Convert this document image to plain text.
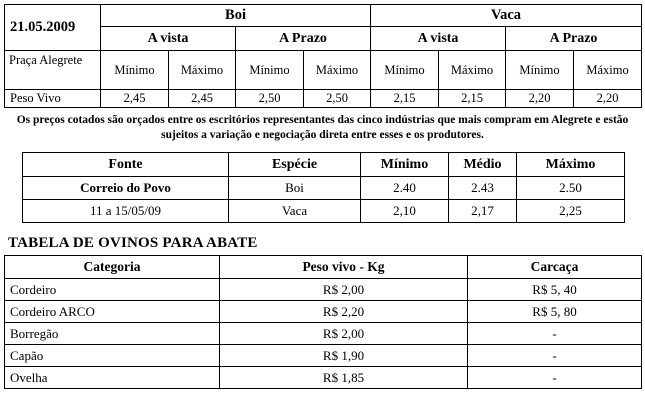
21.05.2009	Boi				Vaca			
	A vista		A Prazo		A vista		A Prazo	
Praça Alegrete	Mínimo	Máximo	Mínimo	Máximo	Mínimo	Máximo	Mínimo	Máximo
Peso Vivo	2,45	2,45	2,50	2,50	2,15	2,15	2,20	2,20
Os preços cotados são orçados entre os escritórios representantes das cinco indústrias que mais compram em Alegrete e estão sujeitos a variação e negociação direta entre esses e os produtores.
Fonte	Espécie	Mínimo	Médio	Máximo
Correio do Povo	Boi	2.40	2.43	2.50
11 a 15/05/09	Vaca	2,10	2,17	2,25
TABELA DE OVINOS PARA ABATE
Categoria	Peso vivo - Kg	Carcaça
Cordeiro	R$ 2,00	R$ 5, 40
Cordeiro ARCO	R$ 2,20	R$ 5, 80
Borregão	R$ 2,00	-
Capão	R$ 1,90	-
Ovelha	R$ 1,85	-
